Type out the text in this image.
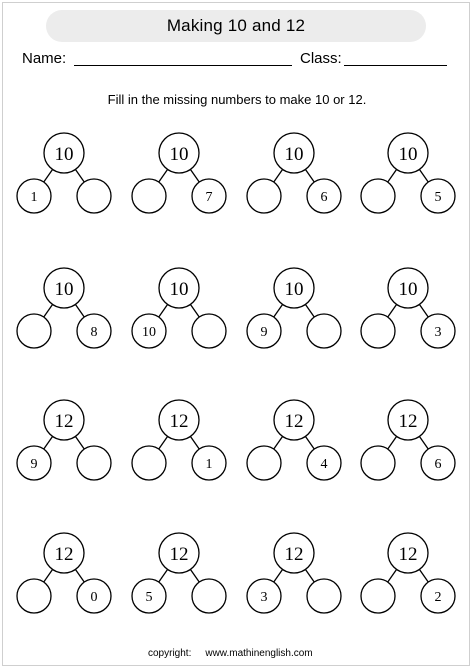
Making 10 and 12
Name:	Class:
Fill in the missing numbers to make 10 or 12.
10
1
10
7
10
6
10
5
10
8
10
10
10
9
10
3
12
9
12
1
12
4
12
6
12
0
12
5
12
3
12
2
copyright: www.mathinenglish.com
